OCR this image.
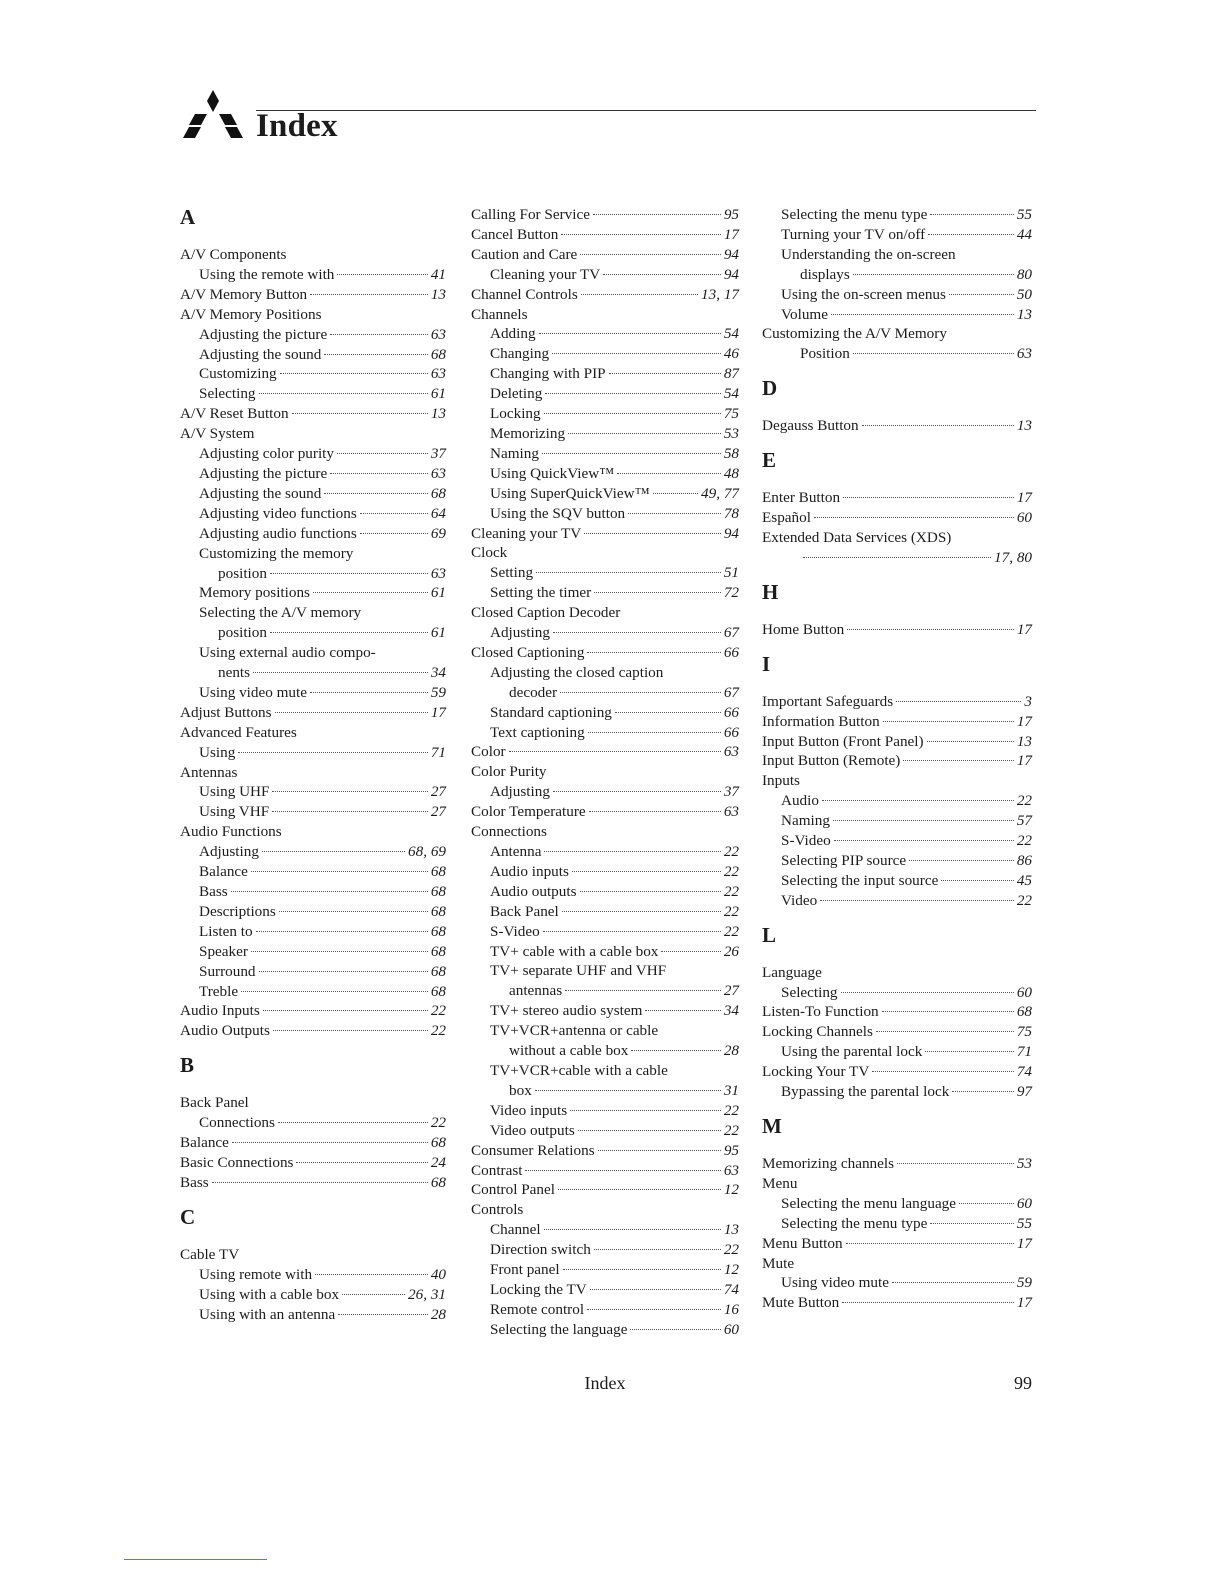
Index
A
A/V Components
Using the remote with	41
A/V Memory Button	13
A/V Memory Positions
Adjusting the picture	63
Adjusting the sound	68
Customizing	63
Selecting	61
A/V Reset Button	13
A/V System
Adjusting color purity	37
Adjusting the picture	63
Adjusting the sound	68
Adjusting video functions	64
Adjusting audio functions	69
Customizing the memory
position	63
Memory positions	61
Selecting the A/V memory
position	61
Using external audio compo-
nents	34
Using video mute	59
Adjust Buttons	17
Advanced Features
Using	71
Antennas
Using UHF	27
Using VHF	27
Audio Functions
Adjusting	68, 69
Balance	68
Bass	68
Descriptions	68
Listen to	68
Speaker	68
Surround	68
Treble	68
Audio Inputs	22
Audio Outputs	22
B
Back Panel
Connections	22
Balance	68
Basic Connections	24
Bass	68
C
Cable TV
Using remote with	40
Using with a cable box	26, 31
Using with an antenna	28
Calling For Service	95
Cancel Button	17
Caution and Care	94
Cleaning your TV	94
Channel Controls	13, 17
Channels
Adding	54
Changing	46
Changing with PIP	87
Deleting	54
Locking	75
Memorizing	53
Naming	58
Using QuickView™	48
Using SuperQuickView™	49, 77
Using the SQV button	78
Cleaning your TV	94
Clock
Setting	51
Setting the timer	72
Closed Caption Decoder
Adjusting	67
Closed Captioning	66
Adjusting the closed caption
decoder	67
Standard captioning	66
Text captioning	66
Color	63
Color Purity
Adjusting	37
Color Temperature	63
Connections
Antenna	22
Audio inputs	22
Audio outputs	22
Back Panel	22
S-Video	22
TV+ cable with a cable box	26
TV+ separate UHF and VHF
antennas	27
TV+ stereo audio system	34
TV+VCR+antenna or cable
without a cable box	28
TV+VCR+cable with a cable
box	31
Video inputs	22
Video outputs	22
Consumer Relations	95
Contrast	63
Control Panel	12
Controls
Channel	13
Direction switch	22
Front panel	12
Locking the TV	74
Remote control	16
Selecting the language	60
Selecting the menu type	55
Turning your TV on/off	44
Understanding the on-screen
displays	80
Using the on-screen menus	50
Volume	13
Customizing the A/V Memory
Position	63
D
Degauss Button	13
E
Enter Button	17
Español	60
Extended Data Services (XDS)
17, 80
H
Home Button	17
I
Important Safeguards	3
Information Button	17
Input Button (Front Panel)	13
Input Button (Remote)	17
Inputs
Audio	22
Naming	57
S-Video	22
Selecting PIP source	86
Selecting the input source	45
Video	22
L
Language
Selecting	60
Listen-To Function	68
Locking Channels	75
Using the parental lock	71
Locking Your TV	74
Bypassing the parental lock	97
M
Memorizing channels	53
Menu
Selecting the menu language	60
Selecting the menu type	55
Menu Button	17
Mute
Using video mute	59
Mute Button	17
Index	99
